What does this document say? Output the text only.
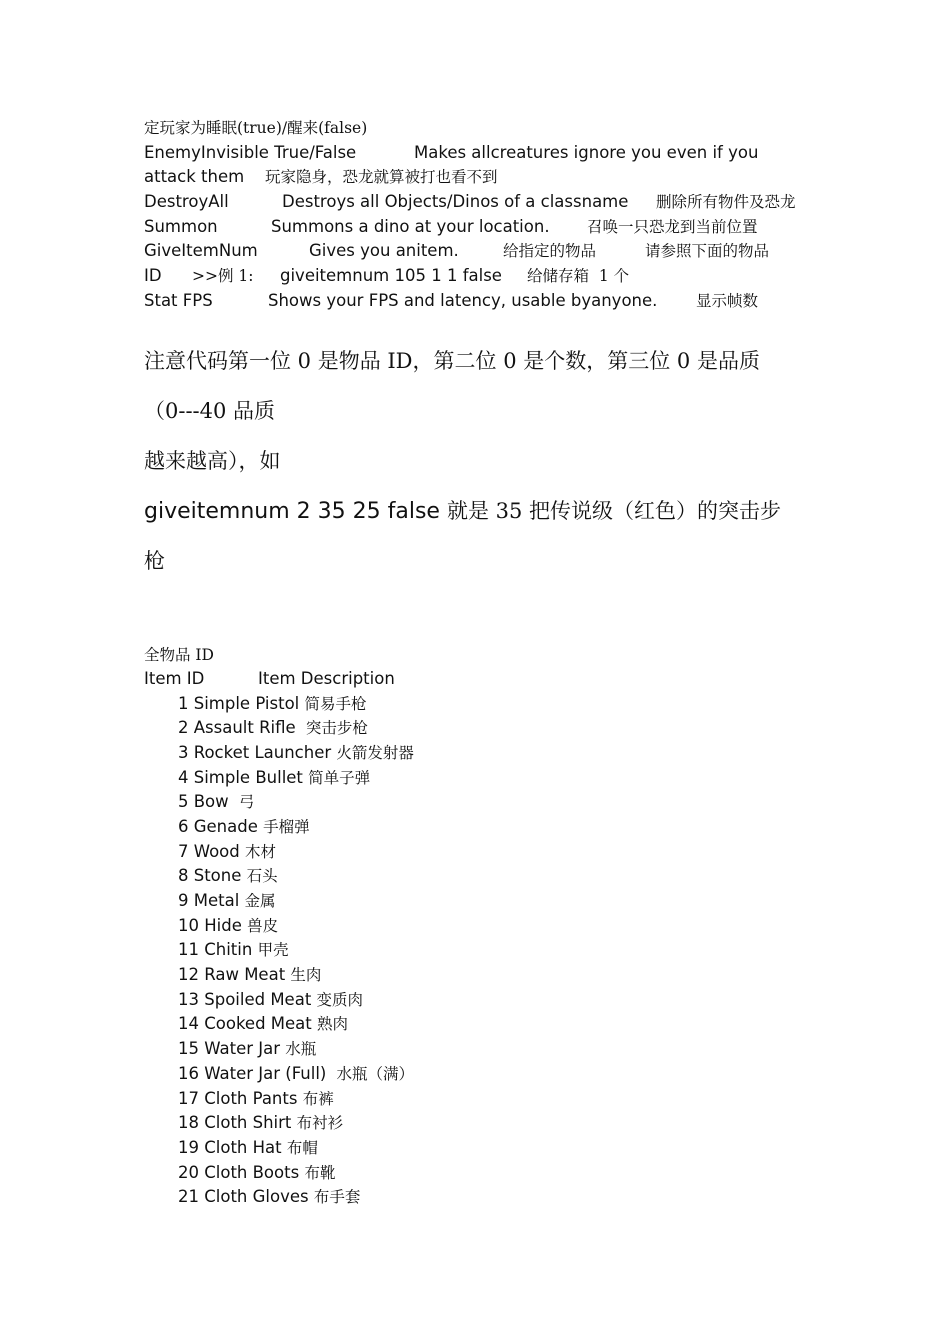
定玩家为睡眠(true)/醒来(false)
EnemyInvisible True/False	Makes allcreatures ignore you even if you
attack them 玩家隐身，恐龙就算被打也看不到
DestroyAll	Destroys all Objects/Dinos of a classname 删除所有物件及恐龙
Summon	Summons a dino at your location. 召唤一只恐龙到当前位置
GiveItemNum	Gives you anitem.	给指定的物品	请参照下面的物品
ID >>例 1: giveitemnum 105 1 1 false 给储存箱  1 个
Stat FPS	Shows your FPS and latency, usable byanyone. 显示帧数
注意代码第一位 0 是物品 ID，第二位 0 是个数，第三位 0 是品质
（0---40 品质
越来越高），如
giveitemnum 2 35 25 false 就是 35 把传说级（红色）的突击步
枪
全物品 ID
Item ID	Item Description
1 Simple Pistol 简易手枪
2 Assault Rifle  突击步枪
3 Rocket Launcher 火箭发射器
4 Simple Bullet 简单子弹
5 Bow  弓
6 Genade 手榴弹
7 Wood 木材
8 Stone 石头
9 Metal 金属
10 Hide 兽皮
11 Chitin 甲壳
12 Raw Meat 生肉
13 Spoiled Meat 变质肉
14 Cooked Meat 熟肉
15 Water Jar 水瓶
16 Water Jar (Full)  水瓶（满）
17 Cloth Pants 布裤
18 Cloth Shirt 布衬衫
19 Cloth Hat 布帽
20 Cloth Boots 布靴
21 Cloth Gloves 布手套
